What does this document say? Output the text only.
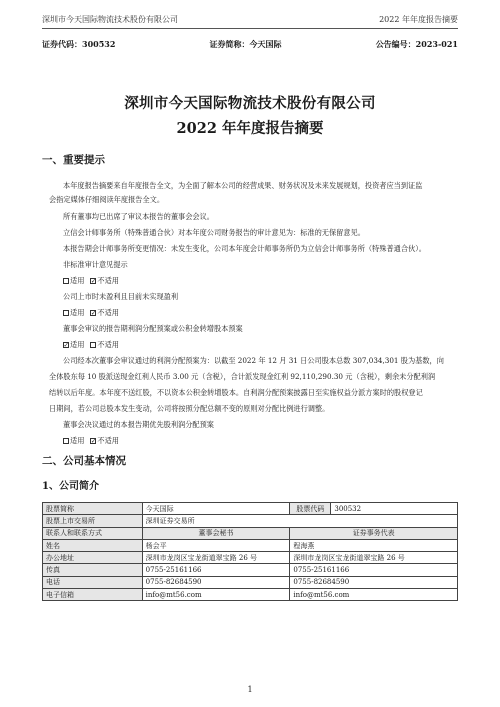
深圳市今天国际物流技术股份有限公司	2022 年年度报告摘要
证券代码：300532	证券简称：今天国际	公告编号：2023-021
深圳市今天国际物流技术股份有限公司
2022 年年度报告摘要
一、重要提示
本年度报告摘要来自年度报告全文，为全面了解本公司的经营成果、财务状况及未来发展规划，投资者应当到证监
会指定媒体仔细阅读年度报告全文。
所有董事均已出席了审议本报告的董事会会议。
立信会计师事务所（特殊普通合伙）对本年度公司财务报告的审计意见为：标准的无保留意见。
本报告期会计师事务所变更情况：未发生变化，公司本年度会计师事务所仍为立信会计师事务所（特殊普通合伙）。
非标准审计意见提示
适用 ✓ 不适用
公司上市时未盈利且目前未实现盈利
适用 ✓ 不适用
董事会审议的报告期利润分配预案或公积金转增股本预案
✓适用 不适用
公司经本次董事会审议通过的利润分配预案为：以截至 2022 年 12 月 31 日公司股本总数 307,034,301 股为基数，向
全体股东每 10 股派送现金红利人民币 3.00 元（含税），合计派发现金红利 92,110,290.30 元（含税），剩余未分配利润
结转以后年度。本年度不送红股，不以资本公积金转增股本。自利润分配预案披露日至实施权益分派方案时的股权登记
日期间，若公司总股本发生变动，公司将按照分配总额不变的原则对分配比例进行调整。
董事会决议通过的本报告期优先股利润分配预案
适用 ✓ 不适用
二、公司基本情况
1、公司简介
股票简称	今天国际	股票代码	300532
股票上市交易所	深圳证券交易所		
联系人和联系方式	董事会秘书	证券事务代表	
姓名	杨会平	程海燕	
办公地址	深圳市龙岗区宝龙街道翠宝路 26 号	深圳市龙岗区宝龙街道翠宝路 26 号	
传真	0755-25161166	0755-25161166	
电话	0755-82684590	0755-82684590	
电子信箱	info@mt56.com	info@mt56.com	
1
